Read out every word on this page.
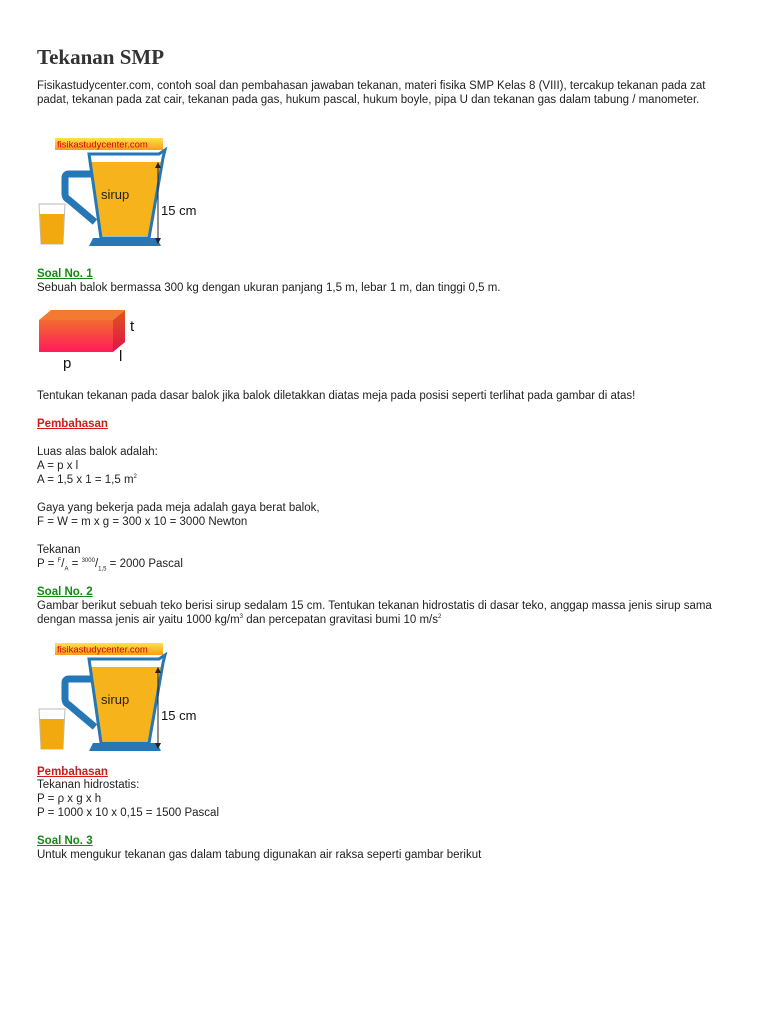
Tekanan SMP

Fisikastudycenter.com, contoh soal dan pembahasan jawaban tekanan, materi fisika SMP Kelas 8 (VIII), tercakup tekanan pada zat padat, tekanan pada zat cair, tekanan pada gas, hukum pascal, hukum boyle, pipa U dan tekanan gas dalam tabung / manometer.

fisikastudycenter.com
sirup
15 cm
Soal No. 1

Sebuah balok bermassa 300 kg dengan ukuran panjang 1,5 m, lebar 1 m, dan tinggi 0,5 m.

t
l
p

Tentukan tekanan pada dasar balok jika balok diletakkan diatas meja pada posisi seperti terlihat pada gambar di atas!

Pembahasan

Luas alas balok adalah:

A = p x l

A = 1,5 x 1 = 1,5 $m^2$

Gaya yang bekerja pada meja adalah gaya berat balok,

F = W = m x g = 300 x 10 = 3000 Newton

Tekanan

$P = ^F/_A = ^{3000}/_{1,5} = 2000$ Pascal

Soal No. 2

Gambar berikut sebuah teko berisi sirup sedalam 15 cm. Tentukan tekanan hidrostatis di dasar teko, anggap massa jenis sirup sama dengan massa jenis air yaitu 1000 $kg/m^3$ dan percepatan gravitasi bumi 10 $m/s^2$

fisikastudycenter.com
sirup
15 cm
Pembahasan

Tekanan hidrostatis:

P = ρ x g x h

P = 1000 x 10 x 0,15 = 1500 Pascal

Soal No. 3

Untuk mengukur tekanan gas dalam tabung digunakan air raksa seperti gambar berikut
